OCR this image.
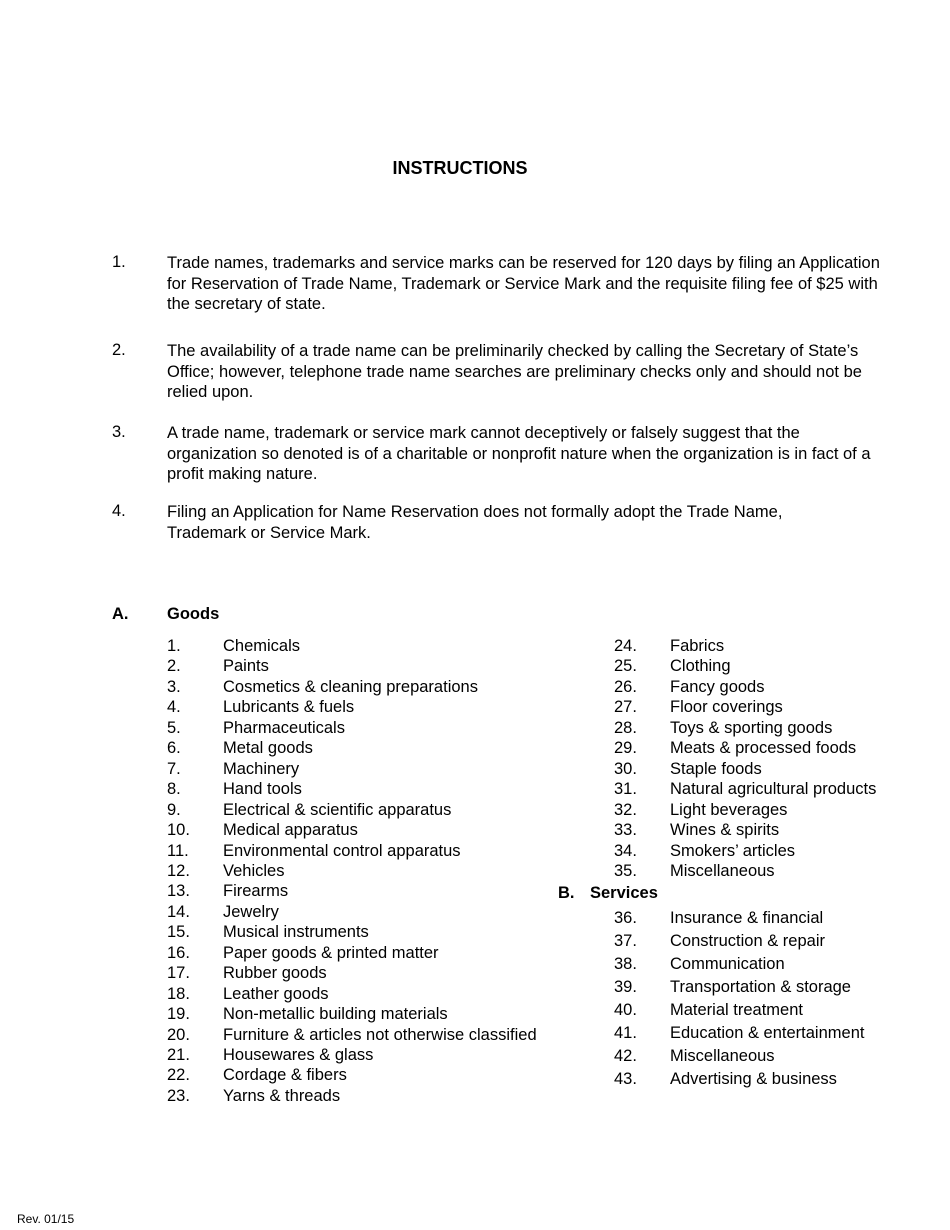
INSTRUCTIONS
1. Trade names, trademarks and service marks can be reserved for 120 days by filing an Application for Reservation of Trade Name, Trademark or Service Mark and the requisite filing fee of $25 with the secretary of state.
2. The availability of a trade name can be preliminarily checked by calling the Secretary of State’s Office; however, telephone trade name searches are preliminary checks only and should not be relied upon.
3. A trade name, trademark or service mark cannot deceptively or falsely suggest that the organization so denoted is of a charitable or nonprofit nature when the organization is in fact of a profit making nature.
4. Filing an Application for Name Reservation does not formally adopt the Trade Name, Trademark or Service Mark.
A. Goods
1.	Chemicals
2.	Paints
3.	Cosmetics & cleaning preparations
4.	Lubricants & fuels
5.	Pharmaceuticals
6.	Metal goods
7.	Machinery
8.	Hand tools
9.	Electrical & scientific apparatus
10. Medical apparatus
11. Environmental control apparatus
12. Vehicles
13. Firearms
14. Jewelry
15. Musical instruments
16. Paper goods & printed matter
17. Rubber goods
18. Leather goods
19. Non-metallic building materials
20. Furniture & articles not otherwise classified
21. Housewares & glass
22. Cordage & fibers
23. Yarns & threads
24. Fabrics
25. Clothing
26. Fancy goods
27. Floor coverings
28. Toys & sporting goods
29. Meats & processed foods
30. Staple foods
31. Natural agricultural products
32. Light beverages
33. Wines & spirits
34. Smokers’ articles
35. Miscellaneous
B. Services
36. Insurance & financial
37. Construction & repair
38. Communication
39. Transportation & storage
40. Material treatment
41. Education & entertainment
42. Miscellaneous
43. Advertising & business
Rev. 01/15
